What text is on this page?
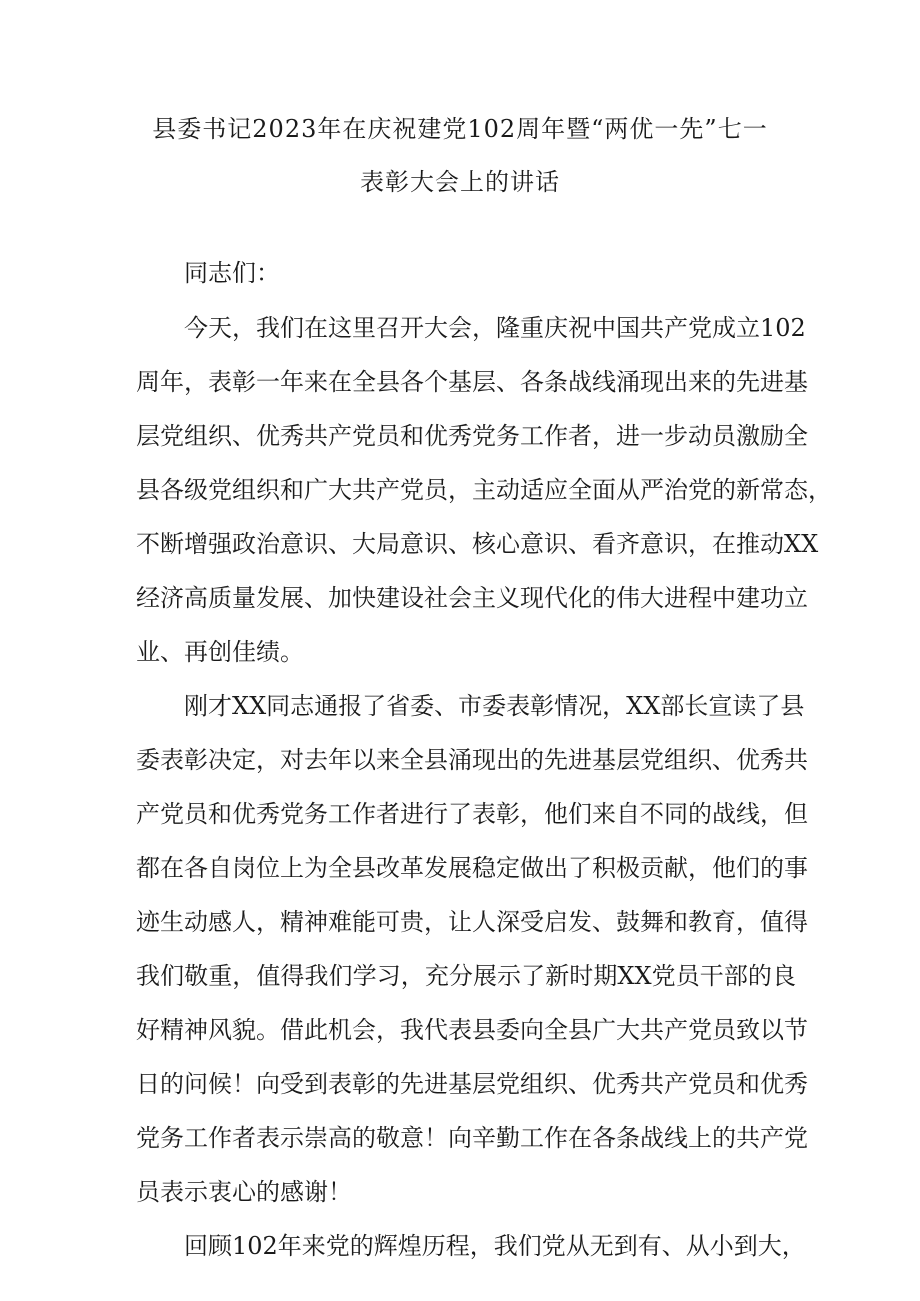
县委书记2023年在庆祝建党102周年暨“两优一先”七一
表彰大会上的讲话
同志们：
今天，我们在这里召开大会，隆重庆祝中国共产党成立102
周年，表彰一年来在全县各个基层、各条战线涌现出来的先进基
层党组织、优秀共产党员和优秀党务工作者，进一步动员激励全
县各级党组织和广大共产党员，主动适应全面从严治党的新常态，
不断增强政治意识、大局意识、核心意识、看齐意识，在推动XX
经济高质量发展、加快建设社会主义现代化的伟大进程中建功立
业、再创佳绩。
刚才XX同志通报了省委、市委表彰情况，XX部长宣读了县
委表彰决定，对去年以来全县涌现出的先进基层党组织、优秀共
产党员和优秀党务工作者进行了表彰，他们来自不同的战线，但
都在各自岗位上为全县改革发展稳定做出了积极贡献，他们的事
迹生动感人，精神难能可贵，让人深受启发、鼓舞和教育，值得
我们敬重，值得我们学习，充分展示了新时期XX党员干部的良
好精神风貌。借此机会，我代表县委向全县广大共产党员致以节
日的问候！向受到表彰的先进基层党组织、优秀共产党员和优秀
党务工作者表示崇高的敬意！向辛勤工作在各条战线上的共产党
员表示衷心的感谢！
回顾102年来党的辉煌历程，我们党从无到有、从小到大，
